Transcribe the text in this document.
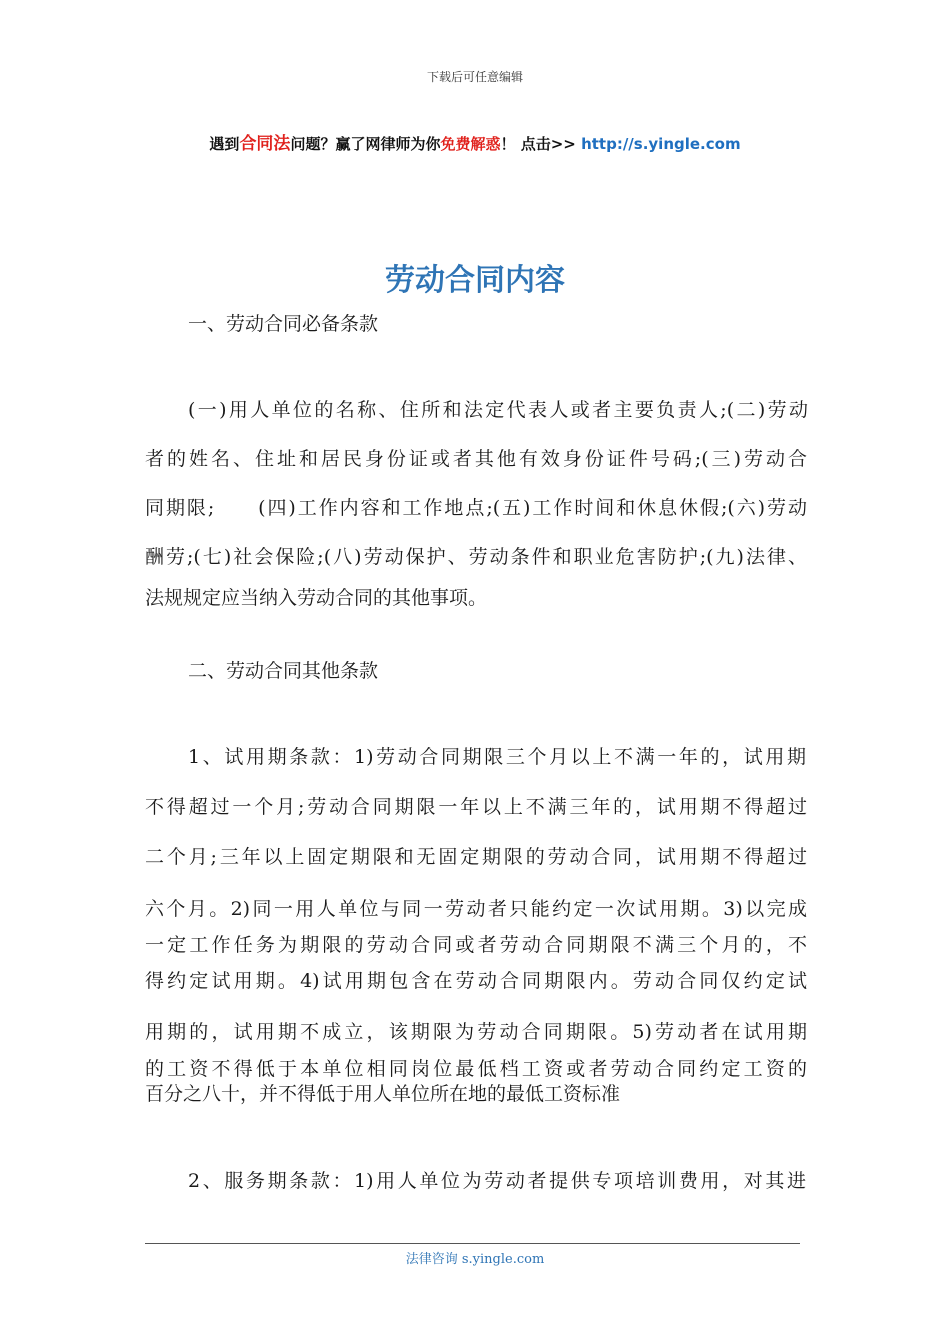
下载后可任意编辑
遇到合同法问题？赢了网律师为你免费解惑！ 点击>> http://s.yingle.com
劳动合同内容
一、劳动合同必备条款
(一)用人单位的名称、住所和法定代表人或者主要负责人;(二)劳动
者的姓名、住址和居民身份证或者其他有效身份证件号码;(三)劳动合
同期限;　　(四)工作内容和工作地点;(五)工作时间和休息休假;(六)劳动
酬劳;(七)社会保险;(八)劳动保护、劳动条件和职业危害防护;(九)法律、
法规规定应当纳入劳动合同的其他事项。
二、劳动合同其他条款
1、试用期条款：1)劳动合同期限三个月以上不满一年的，试用期
不得超过一个月;劳动合同期限一年以上不满三年的，试用期不得超过
二个月;三年以上固定期限和无固定期限的劳动合同，试用期不得超过
六个月。2)同一用人单位与同一劳动者只能约定一次试用期。3)以完成
一定工作任务为期限的劳动合同或者劳动合同期限不满三个月的，不
得约定试用期。4)试用期包含在劳动合同期限内。劳动合同仅约定试
用期的，试用期不成立，该期限为劳动合同期限。5)劳动者在试用期
的工资不得低于本单位相同岗位最低档工资或者劳动合同约定工资的
百分之八十，并不得低于用人单位所在地的最低工资标准
2、服务期条款：1)用人单位为劳动者提供专项培训费用，对其进
法律咨询 s.yingle.com
